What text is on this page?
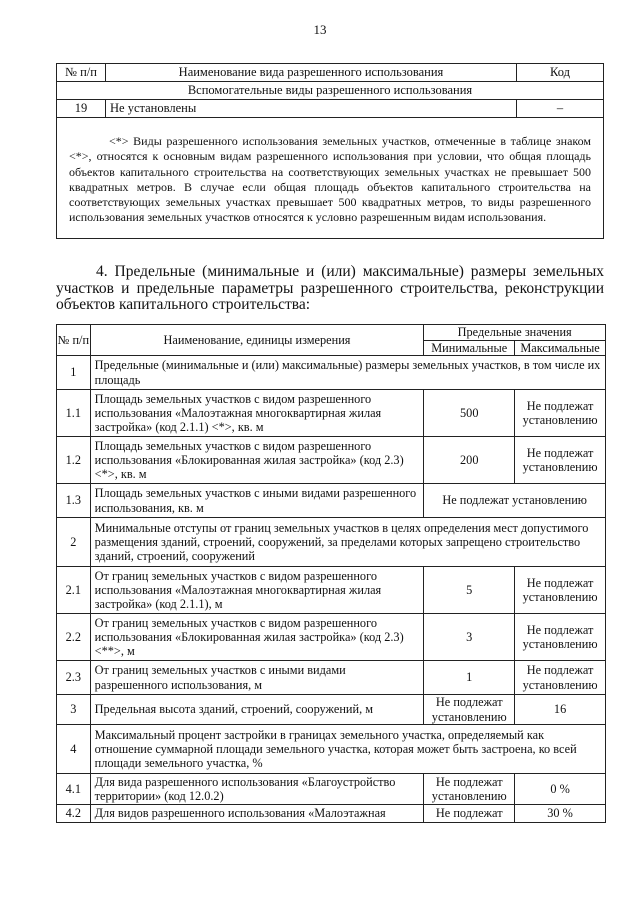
13
№ п/п	Наименование вида разрешенного использования	Код
Вспомогательные виды разрешенного использования		
19	Не установлены	–
<*> Виды разрешенного использования земельных участков, отмеченные в таблице знаком <*>, относятся к основным видам разрешенного использования при условии, что общая площадь объектов капитального строительства на соответствующих земельных участках не превышает 500 квадратных метров. В случае если общая площадь объектов капитального строительства на соответствующих земельных участках превышает 500 квадратных метров, то виды разрешенного использования земельных участков относятся к условно разрешенным видам использования.		
4. Предельные (минимальные и (или) максимальные) размеры земельных участков и предельные параметры разрешенного строительства, реконструкции объектов капитального строительства:
№ п/п	Наименование, единицы измерения	Предельные значения	
		Минимальные	Максимальные
1	Предельные (минимальные и (или) максимальные) размеры земельных участков, в том числе их площадь		
1.1	Площадь земельных участков с видом разрешенного использования «Малоэтажная многоквартирная жилая застройка» (код 2.1.1) <*>, кв. м	500	Не подлежат установлению
1.2	Площадь земельных участков с видом разрешенного использования «Блокированная жилая застройка» (код 2.3) <*>, кв. м	200	Не подлежат установлению
1.3	Площадь земельных участков с иными видами разрешенного использования, кв. м	Не подлежат установлению	
2	Минимальные отступы от границ земельных участков в целях определения мест допустимого размещения зданий, строений, сооружений, за пределами которых запрещено строительство зданий, строений, сооружений		
2.1	От границ земельных участков с видом разрешенного использования «Малоэтажная многоквартирная жилая застройка» (код 2.1.1), м	5	Не подлежат установлению
2.2	От границ земельных участков с видом разрешенного использования «Блокированная жилая застройка» (код 2.3) <**>, м	3	Не подлежат установлению
2.3	От границ земельных участков с иными видами разрешенного использования, м	1	Не подлежат установлению
3	Предельная высота зданий, строений, сооружений, м	Не подлежат установлению	16
4	Максимальный процент застройки в границах земельного участка, определяемый как отношение суммарной площади земельного участка, которая может быть застроена, ко всей площади земельного участка, %		
4.1	Для вида разрешенного использования «Благоустройство территории» (код 12.0.2)	Не подлежат установлению	0 %
4.2	Для видов разрешенного использования «Малоэтажная	Не подлежат	30 %
